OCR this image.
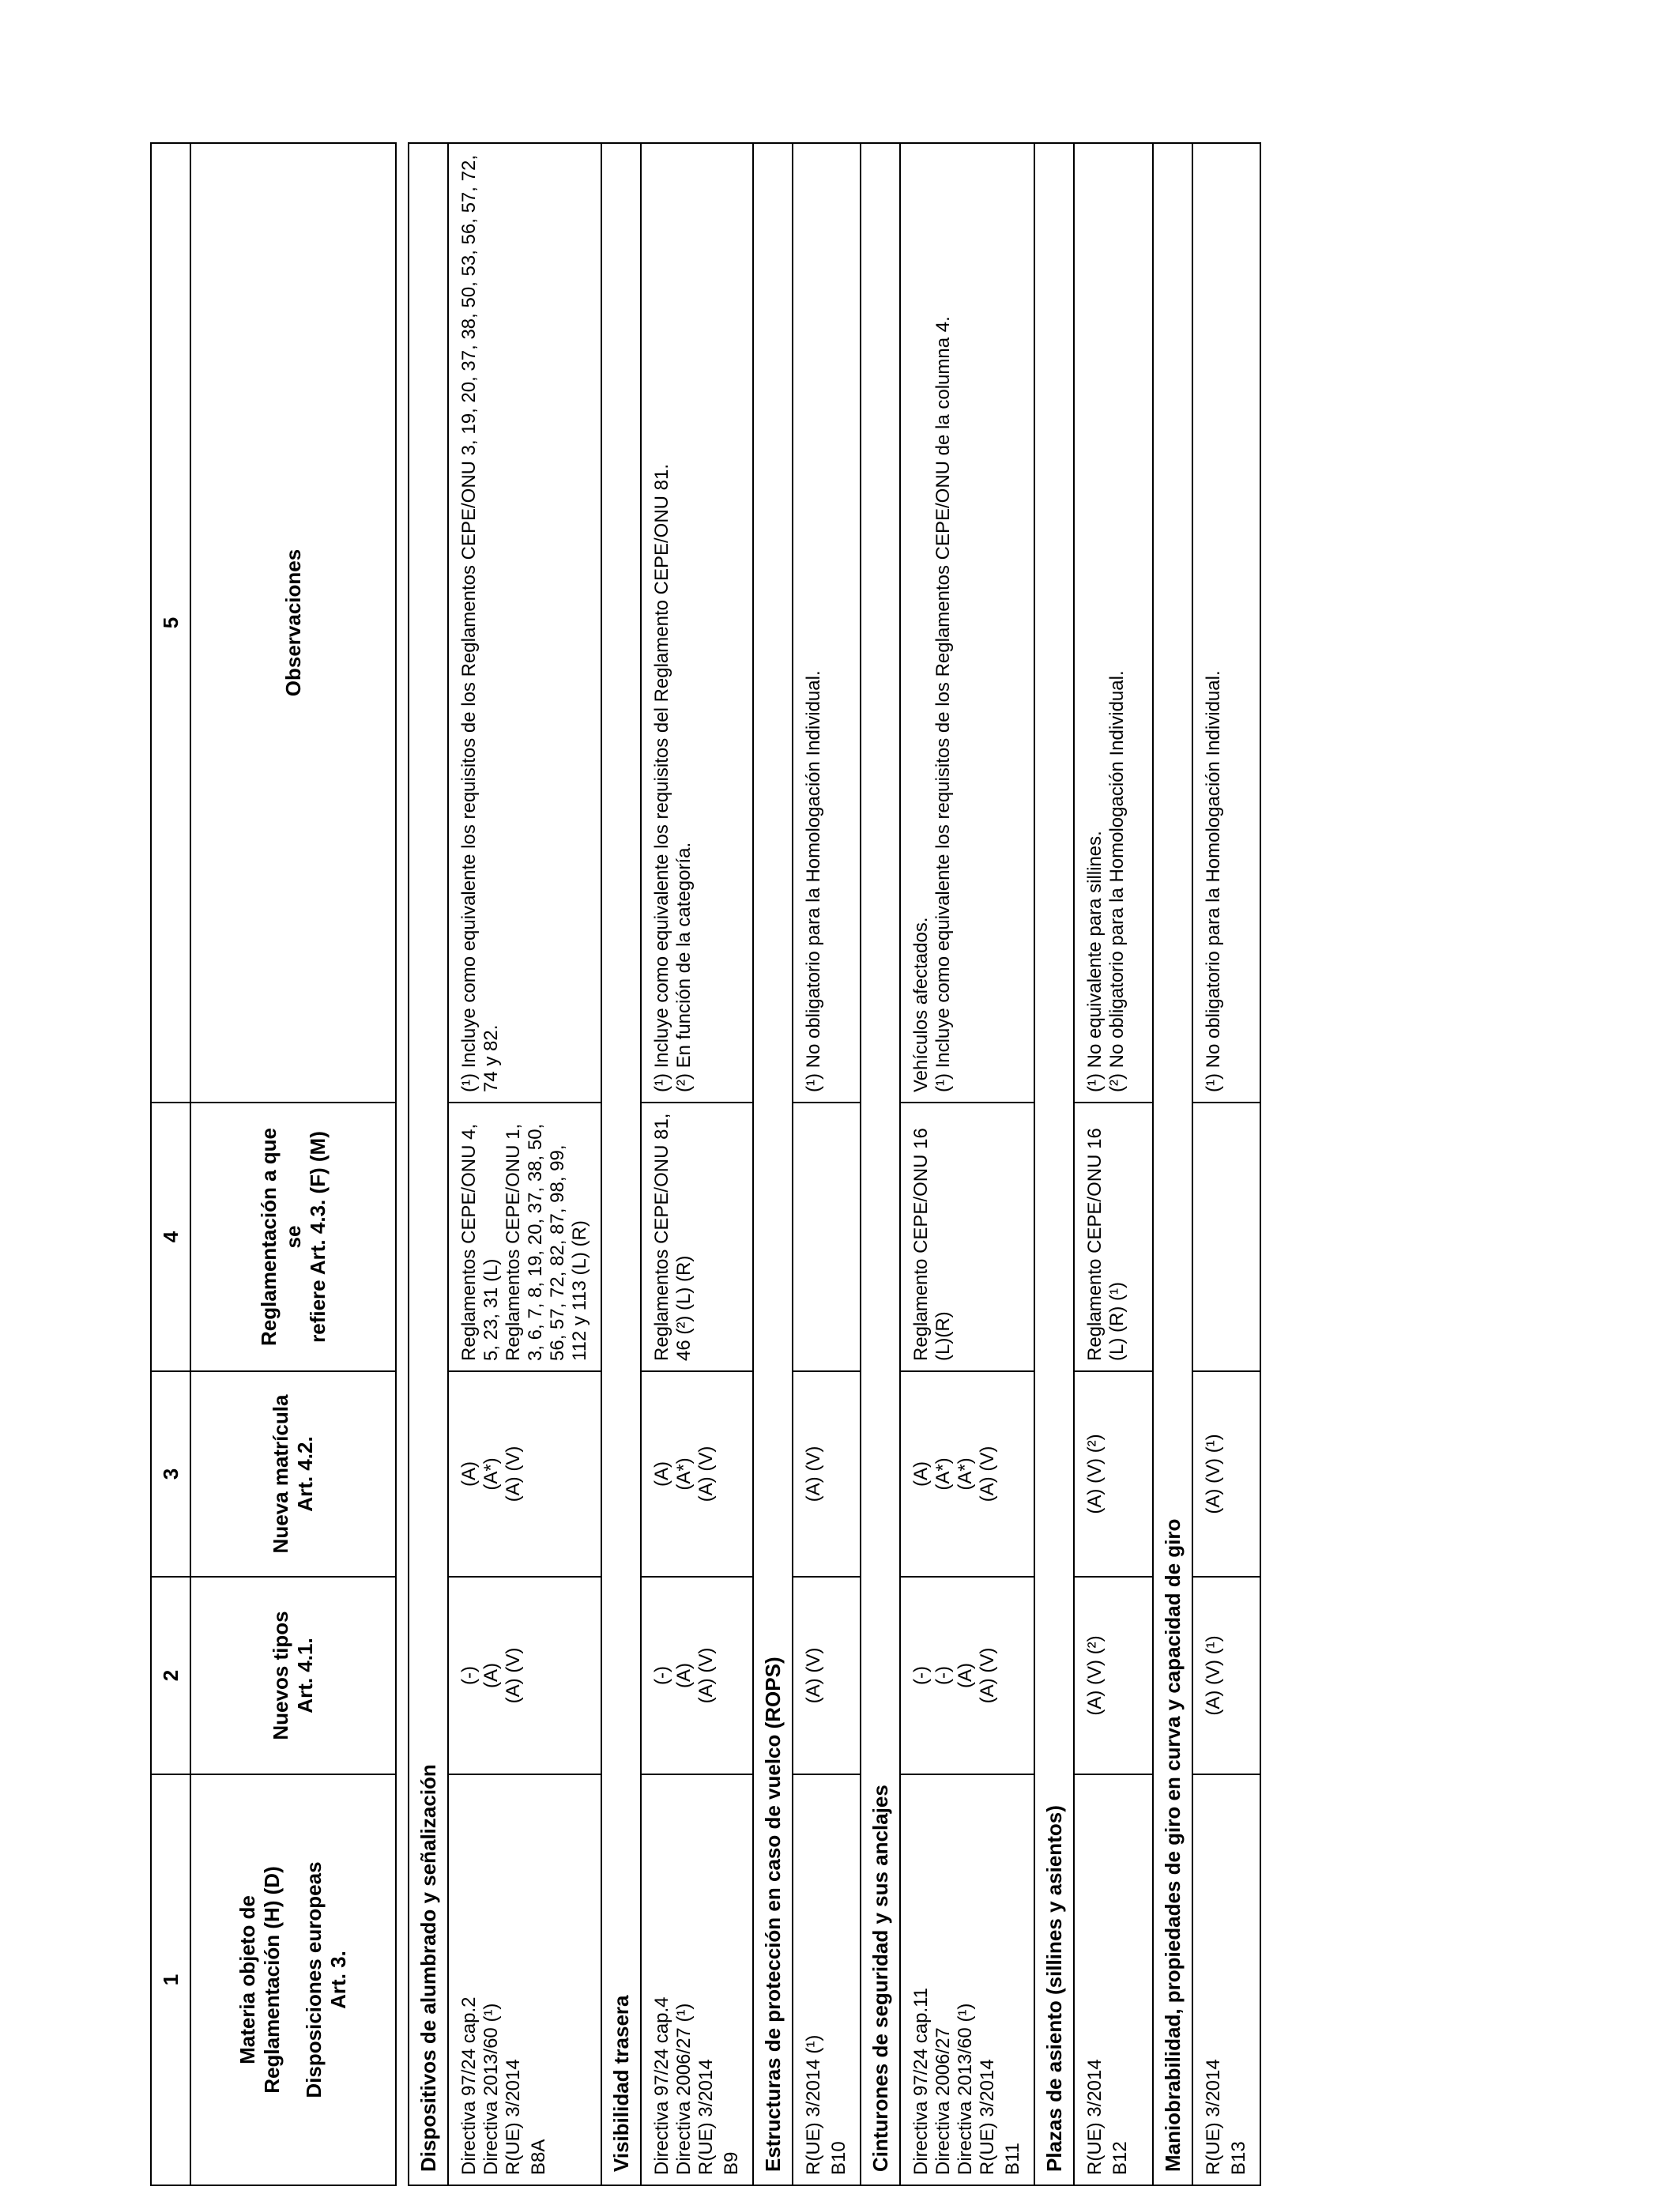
1	2	3	4	5

Materia objeto de Reglamentación (H) (D) Disposiciones europeas Art. 3.	Nuevos tipos Art. 4.1.	Nueva matrícula Art. 4.2.	Reglamentación a que se refiere Art. 4.3. (F) (M)	Observaciones

Dispositivos de alumbrado y señalización				

Directiva 97/24 cap.2 Directiva 2013/60 (¹) R(UE) 3/2014 B8A	(-) (A) (A) (V)	(A) (A*) (A) (V)	Reglamentos CEPE/ONU 4, 5, 23, 31 (L) Reglamentos CEPE/ONU 1, 3, 6, 7, 8, 19, 20, 37, 38, 50, 56, 57, 72, 82, 87, 98, 99, 112 y 113 (L) (R)	(¹) Incluye como equivalente los requisitos de los Reglamentos CEPE/ONU 3, 19, 20, 37, 38, 50, 53, 56, 57, 72, 74 y 82.

Visibilidad trasera				

Directiva 97/24 cap.4 Directiva 2006/27 (¹) R(UE) 3/2014 B9	(-) (A) (A) (V)	(A) (A*) (A) (V)	Reglamentos CEPE/ONU 81, 46 (²) (L) (R)	(¹) Incluye como equivalente los requisitos del Reglamento CEPE/ONU 81. (²) En función de la categoría.

Estructuras de protección en caso de vuelco (ROPS)				

R(UE) 3/2014 (¹) B10	(A) (V)	(A) (V)		(¹) No obligatorio para la Homologación Individual.

Cinturones de seguridad y sus anclajes				

Directiva 97/24 cap.11 Directiva 2006/27 Directiva 2013/60 (¹) R(UE) 3/2014 B11	(-) (-) (A) (A) (V)	(A) (A*) (A*) (A) (V)	Reglamento CEPE/ONU 16 (L)(R)	Vehículos afectados. (¹) Incluye como equivalente los requisitos de los Reglamentos CEPE/ONU de la columna 4.

Plazas de asiento (sillines y asientos)				

R(UE) 3/2014 B12	(A) (V) (²)	(A) (V) (²)	Reglamento CEPE/ONU 16 (L) (R) (¹)	(¹) No equivalente para sillines. (²) No obligatorio para la Homologación Individual.

Maniobrabilidad, propiedades de giro en curva y capacidad de giro				

R(UE) 3/2014 B13	(A) (V) (¹)	(A) (V) (¹)		(¹) No obligatorio para la Homologación Individual.
